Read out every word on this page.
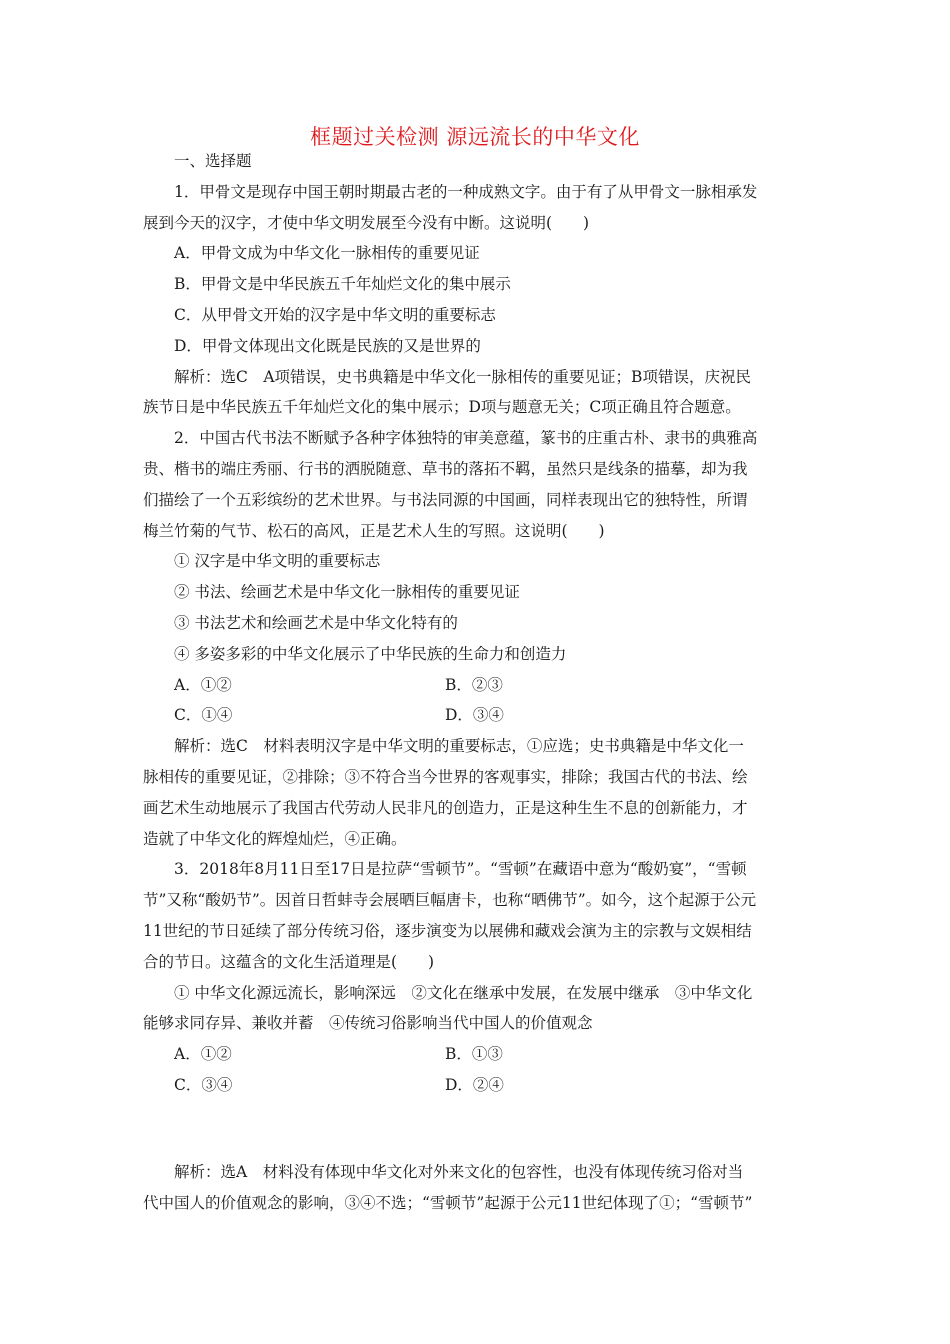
框题过关检测 源远流长的中华文化
一、选择题
1．甲骨文是现存中国王朝时期最古老的一种成熟文字。由于有了从甲骨文一脉相承发
展到今天的汉字，才使中华文明发展至今没有中断。这说明(　　)
A．甲骨文成为中华文化一脉相传的重要见证
B．甲骨文是中华民族五千年灿烂文化的集中展示
C．从甲骨文开始的汉字是中华文明的重要标志
D．甲骨文体现出文化既是民族的又是世界的
解析：选C　A项错误，史书典籍是中华文化一脉相传的重要见证；B项错误，庆祝民
族节日是中华民族五千年灿烂文化的集中展示；D项与题意无关；C项正确且符合题意。
2．中国古代书法不断赋予各种字体独特的审美意蕴，篆书的庄重古朴、隶书的典雅高
贵、楷书的端庄秀丽、行书的洒脱随意、草书的落拓不羁，虽然只是线条的描摹，却为我
们描绘了一个五彩缤纷的艺术世界。与书法同源的中国画，同样表现出它的独特性，所谓
梅兰竹菊的气节、松石的高风，正是艺术人生的写照。这说明(　　)
① 汉字是中华文明的重要标志
② 书法、绘画艺术是中华文化一脉相传的重要见证
③ 书法艺术和绘画艺术是中华文化特有的
④ 多姿多彩的中华文化展示了中华民族的生命力和创造力
A．①②	B．②③
C．①④	D．③④
解析：选C　材料表明汉字是中华文明的重要标志，①应选；史书典籍是中华文化一
脉相传的重要见证，②排除；③不符合当今世界的客观事实，排除；我国古代的书法、绘
画艺术生动地展示了我国古代劳动人民非凡的创造力，正是这种生生不息的创新能力，才
造就了中华文化的辉煌灿烂，④正确。
3．2018年8月11日至17日是拉萨“雪顿节”。“雪顿”在藏语中意为“酸奶宴”，“雪顿
节”又称“酸奶节”。因首日哲蚌寺会展晒巨幅唐卡，也称“晒佛节”。如今，这个起源于公元
11世纪的节日延续了部分传统习俗，逐步演变为以展佛和藏戏会演为主的宗教与文娱相结
合的节日。这蕴含的文化生活道理是(　　)
① 中华文化源远流长，影响深远　②文化在继承中发展，在发展中继承　③中华文化
能够求同存异、兼收并蓄　④传统习俗影响当代中国人的价值观念
A．①②	B．①③
C．③④	D．②④
解析：选A　材料没有体现中华文化对外来文化的包容性，也没有体现传统习俗对当
代中国人的价值观念的影响，③④不选；“雪顿节”起源于公元11世纪体现了①；“雪顿节”
